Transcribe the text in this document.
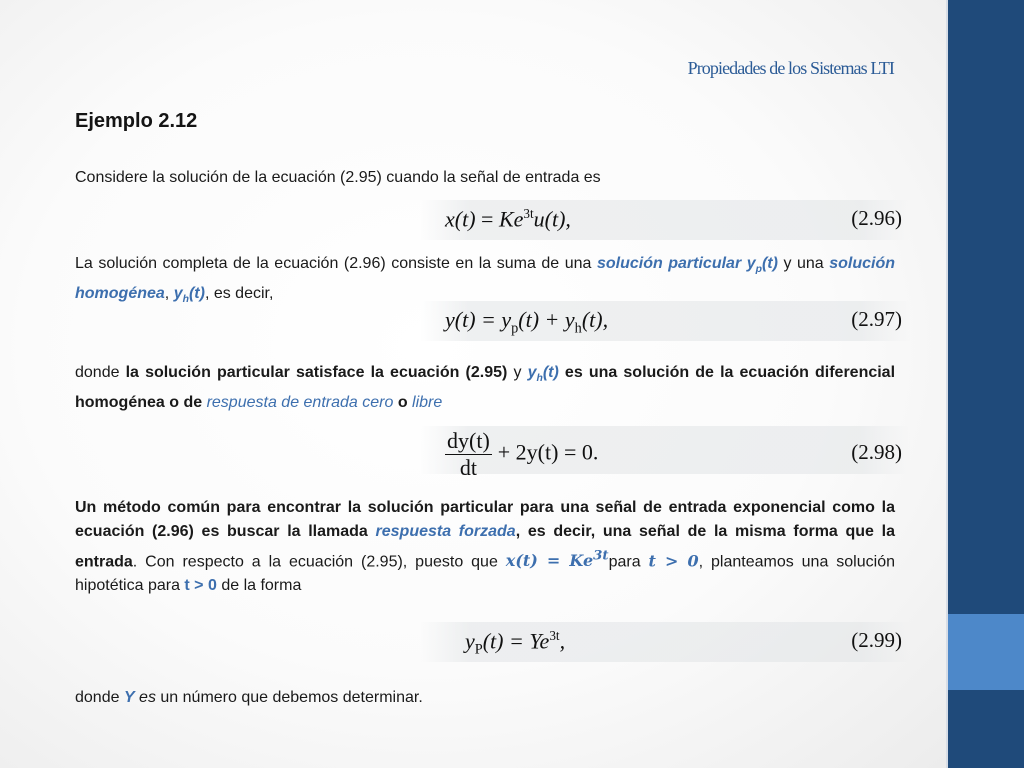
Propiedades de los Sistemas LTI
Ejemplo 2.12
Considere la solución de la ecuación (2.95) cuando la señal de entrada es
$x(t) = Ke^{3t}u(t)$,	(2.96)
La solución completa de la ecuación (2.96) consiste en la suma de una solución particular $y_p(t)$ y una solución homogénea, $y_h(t)$, es decir,
$y(t) = y_p(t) + y_h(t)$,	(2.97)
donde la solución particular satisface la ecuación (2.95) y $y_h(t)$ es una solución de la ecuación diferencial homogénea o de respuesta de entrada cero o libre
$\frac{dy(t)}{dt} + 2y(t) = 0$.	(2.98)
Un método común para encontrar la solución particular para una señal de entrada exponencial como la ecuación (2.96) es buscar la llamada respuesta forzada, es decir, una señal de la misma forma que la entrada. Con respecto a la ecuación (2.95), puesto que $x(t) = Ke^{3t}para$ t > 0, planteamos una solución hipotética para t > 0 de la forma
$y_P(t) = Ye^{3t}$,	(2.99)
donde Y es un número que debemos determinar.
